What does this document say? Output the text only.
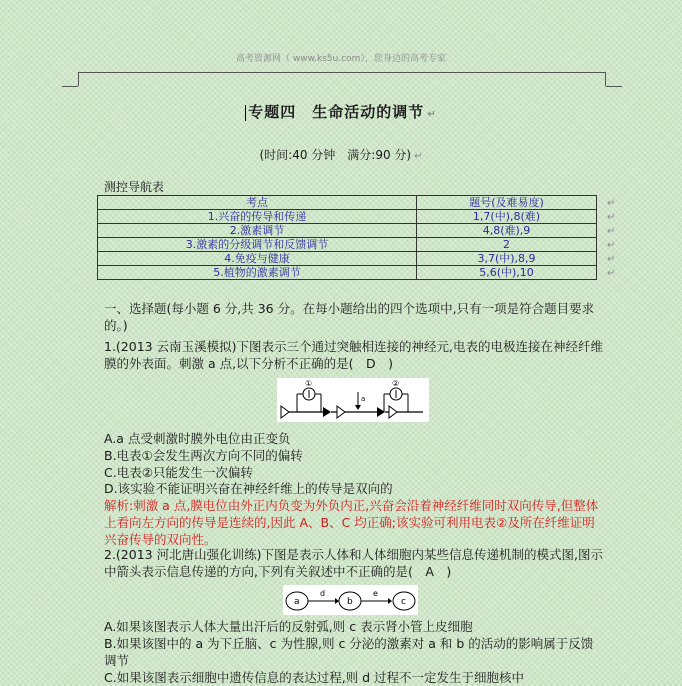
高考资源网（ www.ks5u.com），您身边的高考专家
专题四　生命活动的调节 ↵
(时间:40 分钟　满分:90 分) ↵
测控导航表
考点	题号(及难易度)
1.兴奋的传导和传递	1,7(中),8(难)
2.激素调节	4,8(难),9
3.激素的分级调节和反馈调节	2
4.免疫与健康	3,7(中),8,9
5.植物的激素调节	5,6(中),10
↵
↵
↵
↵
↵
↵
一、选择题(每小题 6 分,共 36 分。在每小题给出的四个选项中,只有一项是符合题目要求的。)
1.(2013 云南玉溪模拟)下图表示三个通过突触相连接的神经元,电表的电极连接在神经纤维膜的外表面。刺激 a 点,以下分析不正确的是(　D　)
①	②
a
A.a 点受刺激时膜外电位由正变负
B.电表①会发生两次方向不同的偏转
C.电表②只能发生一次偏转
D.该实验不能证明兴奋在神经纤维上的传导是双向的
解析:刺激 a 点,膜电位由外正内负变为外负内正,兴奋会沿着神经纤维同时双向传导,但整体上看向左方向的传导是连续的,因此 A、B、C 均正确;该实验可利用电表②及所在纤维证明兴奋传导的双向性。
2.(2013 河北唐山强化训练)下图是表示人体和人体细胞内某些信息传递机制的模式图,图示中箭头表示信息传递的方向,下列有关叙述中不正确的是(　A　)
a	b	c
d	e
A.如果该图表示人体大量出汗后的反射弧,则 c 表示肾小管上皮细胞
B.如果该图中的 a 为下丘脑、c 为性腺,则 c 分泌的激素对 a 和 b 的活动的影响属于反馈调节
C.如果该图表示细胞中遗传信息的表达过程,则 d 过程不一定发生于细胞核中
